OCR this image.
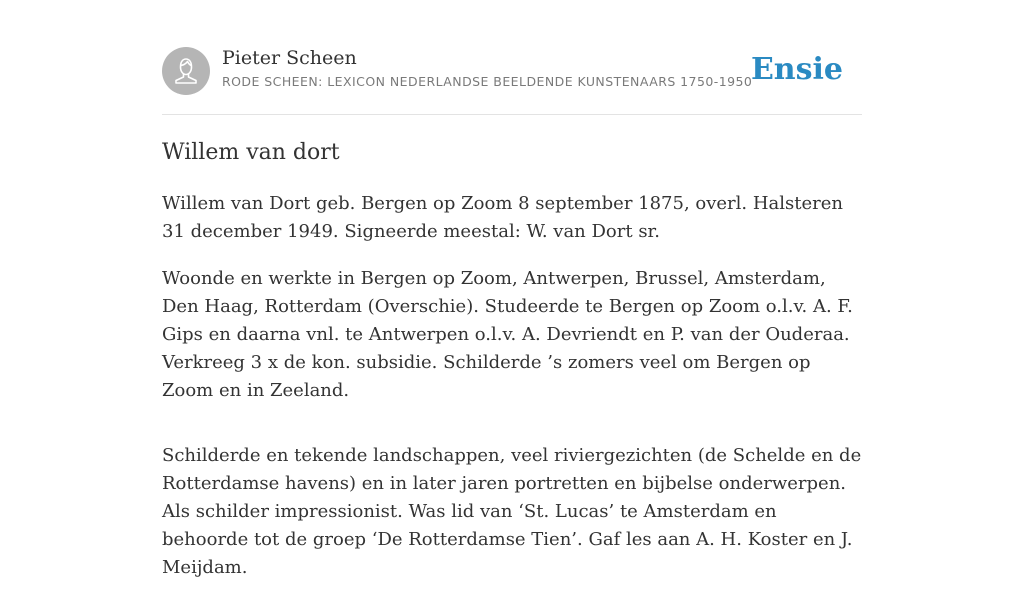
Pieter Scheen
RODE SCHEEN: LEXICON NEDERLANDSE BEELDENDE KUNSTENAARS 1750-1950
Ensie
Willem van dort

Willem van Dort geb. Bergen op Zoom 8 september 1875, overl. Halsteren 31 december 1949. Signeerde meestal: W. van Dort sr.

Woonde en werkte in Bergen op Zoom, Antwerpen, Brussel, Amsterdam, Den Haag, Rotterdam (Overschie). Studeerde te Bergen op Zoom o.l.v. A. F. Gips en daarna vnl. te Antwerpen o.l.v. A. Devriendt en P. van der Ouderaa. Verkreeg 3 x de kon. subsidie. Schilderde ’s zomers veel om Bergen op Zoom en in Zeeland.

Schilderde en tekende landschappen, veel riviergezichten (de Schelde en de Rotterdamse havens) en in later jaren portretten en bijbelse onderwerpen. Als schilder impressionist. Was lid van ‘St. Lucas’ te Amsterdam en behoorde tot de groep ‘De Rotterdamse Tien’. Gaf les aan A. H. Koster en J. Meijdam.
